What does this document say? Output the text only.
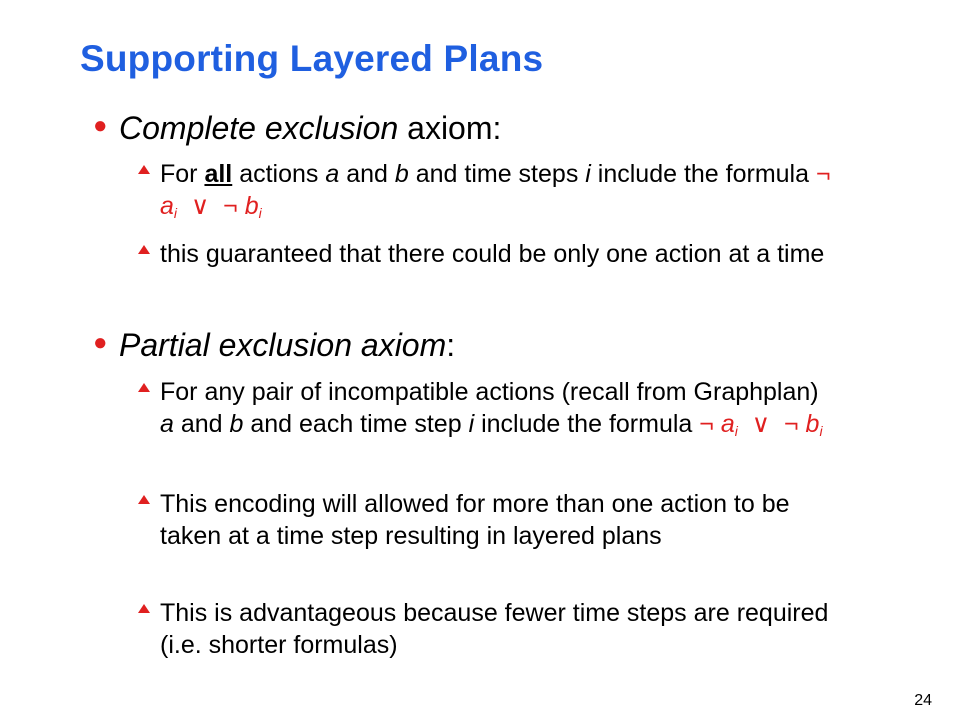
Supporting Layered Plans
● Complete exclusion axiom:
For all actions a and b and time steps i include the formula ¬ $a_i$ ∨ ¬ $b_i$
this guaranteed that there could be only one action at a time
● Partial exclusion axiom:
For any pair of incompatible actions (recall from Graphplan) a and b and each time step i include the formula ¬ $a_i$ ∨ ¬ $b_i$
This encoding will allowed for more than one action to be taken at a time step resulting in layered plans
This is advantageous because fewer time steps are required (i.e. shorter formulas)
24
